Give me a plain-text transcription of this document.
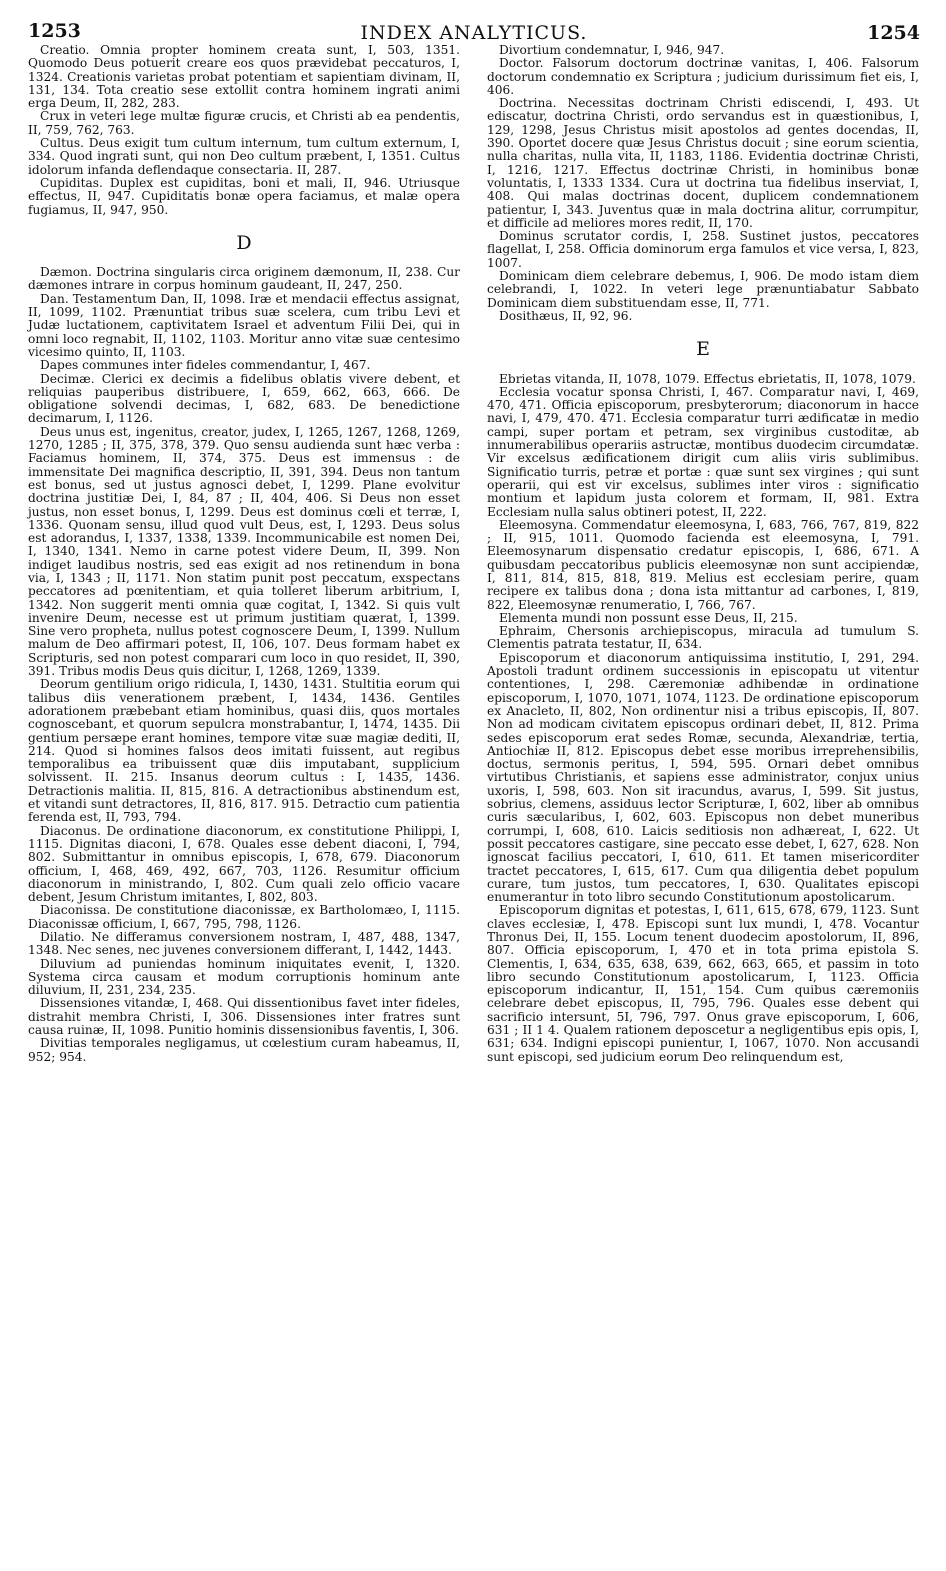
1253	INDEX ANALYTICUS.	1254

Creatio. Omnia propter hominem creata sunt, I, 503, 1351. Quomodo Deus potuerit creare eos quos prævidebat peccaturos, I, 1324. Creationis varietas probat potentiam et sapientiam divinam, II, 131, 134. Tota creatio sese extollit contra hominem ingrati animi erga Deum, II, 282, 283.

Crux in veteri lege multæ figuræ crucis, et Christi ab ea pendentis, II, 759, 762, 763.

Cultus. Deus exigit tum cultum internum, tum cultum externum, I, 334. Quod ingrati sunt, qui non Deo cultum præbent, I, 1351. Cultus idolorum infanda deflendaque consectaria. II, 287.

Cupiditas. Duplex est cupiditas, boni et mali, II, 946. Utriusque effectus, II, 947. Cupiditatis bonæ opera faciamus, et malæ opera fugiamus, II, 947, 950.

D

Dæmon. Doctrina singularis circa originem dæmonum, II, 238. Cur dæmones intrare in corpus hominum gaudeant, II, 247, 250.

Dan. Testamentum Dan, II, 1098. Iræ et mendacii effectus assignat, II, 1099, 1102. Prænuntiat tribus suæ scelera, cum tribu Levi et Judæ luctationem, captivitatem Israel et adventum Filii Dei, qui in omni loco regnabit, II, 1102, 1103. Moritur anno vitæ suæ centesimo vicesimo quinto, II, 1103.

Dapes communes inter fideles commendantur, I, 467.

Decimæ. Clerici ex decimis a fidelibus oblatis vivere debent, et reliquias pauperibus distribuere, I, 659, 662, 663, 666. De obligatione solvendi decimas, I, 682, 683. De benedictione decimarum, I, 1126.

Deus unus est, ingenitus, creator, judex, I, 1265, 1267, 1268, 1269, 1270, 1285 ; II, 375, 378, 379. Quo sensu audienda sunt hæc verba : Faciamus hominem, II, 374, 375. Deus est immensus : de immensitate Dei magnifica descriptio, II, 391, 394. Deus non tantum est bonus, sed ut justus agnosci debet, I, 1299. Plane evolvitur doctrina justitiæ Dei, I, 84, 87 ; II, 404, 406. Si Deus non esset justus, non esset bonus, I, 1299. Deus est dominus cœli et terræ, I, 1336. Quonam sensu, illud quod vult Deus, est, I, 1293. Deus solus est adorandus, I, 1337, 1338, 1339. Incommunicabile est nomen Dei, I, 1340, 1341. Nemo in carne potest videre Deum, II, 399. Non indiget laudibus nostris, sed eas exigit ad nos retinendum in bona via, I, 1343 ; II, 1171. Non statim punit post peccatum, exspectans peccatores ad pœnitentiam, et quia tolleret liberum arbitrium, I, 1342. Non suggerit menti omnia quæ cogitat, I, 1342. Si quis vult invenire Deum, necesse est ut primum justitiam quærat, I, 1399. Sine vero propheta, nullus potest cognoscere Deum, I, 1399. Nullum malum de Deo affirmari potest, II, 106, 107. Deus formam habet ex Scripturis, sed non potest comparari cum loco in quo residet, II, 390, 391. Tribus modis Deus quis dicitur, I, 1268, 1269, 1339.

Deorum gentilium origo ridicula, I, 1430, 1431. Stultitia eorum qui talibus diis venerationem præbent, I, 1434, 1436. Gentiles adorationem præbebant etiam hominibus, quasi diis, quos mortales cognoscebant, et quorum sepulcra monstrabantur, I, 1474, 1435. Dii gentium persæpe erant homines, tempore vitæ suæ magiæ dediti, II, 214. Quod si homines falsos deos imitati fuissent, aut regibus temporalibus ea tribuissent quæ diis imputabant, supplicium solvissent. II. 215. Insanus deorum cultus : I, 1435, 1436. Detractionis malitia. II, 815, 816. A detractionibus abstinendum est, et vitandi sunt detractores, II, 816, 817. 915. Detractio cum patientia ferenda est, II, 793, 794.

Diaconus. De ordinatione diaconorum, ex constitutione Philippi, I, 1115. Dignitas diaconi, I, 678. Quales esse debent diaconi, I, 794, 802. Submittantur in omnibus episcopis, I, 678, 679. Diaconorum officium, I, 468, 469, 492, 667, 703, 1126. Resumitur officium diaconorum in ministrando, I, 802. Cum quali zelo officio vacare debent, Jesum Christum imitantes, I, 802, 803.

Diaconissa. De constitutione diaconissæ, ex Bartholomæo, I, 1115. Diaconissæ officium, I, 667, 795, 798, 1126.

Dilatio. Ne differamus conversionem nostram, I, 487, 488, 1347, 1348. Nec senes, nec juvenes conversionem differant, I, 1442, 1443.

Diluvium ad puniendas hominum iniquitates evenit, I, 1320. Systema circa causam et modum corruptionis hominum ante diluvium, II, 231, 234, 235.

Dissensiones vitandæ, I, 468. Qui dissentionibus favet inter fideles, distrahit membra Christi, I, 306. Dissensiones inter fratres sunt causa ruinæ, II, 1098. Punitio hominis dissensionibus faventis, I, 306.

Divitias temporales negligamus, ut cœlestium curam habeamus, II, 952; 954.

Divortium condemnatur, I, 946, 947.

Doctor. Falsorum doctorum doctrinæ vanitas, I, 406. Falsorum doctorum condemnatio ex Scriptura ; judicium durissimum fiet eis, I, 406.

Doctrina. Necessitas doctrinam Christi ediscendi, I, 493. Ut ediscatur, doctrina Christi, ordo servandus est in quæstionibus, I, 129, 1298, Jesus Christus misit apostolos ad gentes docendas, II, 390. Oportet docere quæ Jesus Christus docuit ; sine eorum scientia, nulla charitas, nulla vita, II, 1183, 1186. Evidentia doctrinæ Christi, I, 1216, 1217. Effectus doctrinæ Christi, in hominibus bonæ voluntatis, I, 1333 1334. Cura ut doctrina tua fidelibus inserviat, I, 408. Qui malas doctrinas docent, duplicem condemnationem patientur, I, 343. Juventus quæ in mala doctrina alitur, corrumpitur, et difficile ad meliores mores redit, II, 170.

Dominus scrutator cordis, I, 258. Sustinet justos, peccatores flagellat, I, 258. Officia dominorum erga famulos et vice versa, I, 823, 1007.

Dominicam diem celebrare debemus, I, 906. De modo istam diem celebrandi, I, 1022. In veteri lege prænuntiabatur Sabbato Dominicam diem substituendam esse, II, 771.

Dosithæus, II, 92, 96.

E

Ebrietas vitanda, II, 1078, 1079. Effectus ebrietatis, II, 1078, 1079.

Ecclesia vocatur sponsa Christi, I, 467. Comparatur navi, I, 469, 470, 471. Officia episcoporum, presbyterorum; diaconorum in hacce navi, I, 479, 470. 471. Ecclesia comparatur turri ædificatæ in medio campi, super portam et petram, sex virginibus custoditæ, ab innumerabilibus operariis astructæ, montibus duodecim circumdatæ. Vir excelsus ædificationem dirigit cum aliis viris sublimibus. Significatio turris, petræ et portæ : quæ sunt sex virgines ; qui sunt operarii, qui est vir excelsus, sublimes inter viros : significatio montium et lapidum justa colorem et formam, II, 981. Extra Ecclesiam nulla salus obtineri potest, II, 222.

Eleemosyna. Commendatur eleemosyna, I, 683, 766, 767, 819, 822 ; II, 915, 1011. Quomodo facienda est eleemosyna, I, 791. Eleemosynarum dispensatio credatur episcopis, I, 686, 671. A quibusdam peccatoribus publicis eleemosynæ non sunt accipiendæ, I, 811, 814, 815, 818, 819. Melius est ecclesiam perire, quam recipere ex talibus dona ; dona ista mittantur ad carbones, I, 819, 822, Eleemosynæ renumeratio, I, 766, 767.

Elementa mundi non possunt esse Deus, II, 215.

Ephraim, Chersonis archiepiscopus, miracula ad tumulum S. Clementis patrata testatur, II, 634.

Episcoporum et diaconorum antiquissima institutio, I, 291, 294. Apostoli tradunt ordinem successionis in episcopatu ut vitentur contentiones, I, 298. Cæremoniæ adhibendæ in ordinatione episcoporum, I, 1070, 1071, 1074, 1123. De ordinatione episcoporum ex Anacleto, II, 802, Non ordinentur nisi a tribus episcopis, II, 807. Non ad modicam civitatem episcopus ordinari debet, II, 812. Prima sedes episcoporum erat sedes Romæ, secunda, Alexandriæ, tertia, Antiochiæ II, 812. Episcopus debet esse moribus irreprehensibilis, doctus, sermonis peritus, I, 594, 595. Ornari debet omnibus virtutibus Christianis, et sapiens esse administrator, conjux unius uxoris, I, 598, 603. Non sit iracundus, avarus, I, 599. Sit justus, sobrius, clemens, assiduus lector Scripturæ, I, 602, liber ab omnibus curis sæcularibus, I, 602, 603. Episcopus non debet muneribus corrumpi, I, 608, 610. Laicis seditiosis non adhæreat, I, 622. Ut possit peccatores castigare, sine peccato esse debet, I, 627, 628. Non ignoscat facilius peccatori, I, 610, 611. Et tamen misericorditer tractet peccatores, I, 615, 617. Cum qua diligentia debet populum curare, tum justos, tum peccatores, I, 630. Qualitates episcopi enumerantur in toto libro secundo Constitutionum apostolicarum.

Episcoporum dignitas et potestas, I, 611, 615, 678, 679, 1123. Sunt claves ecclesiæ, I, 478. Episcopi sunt lux mundi, I, 478. Vocantur Thronus Dei, II, 155. Locum tenent duodecim apostolorum, II, 896, 807. Officia episcoporum, I, 470 et in tota prima epistola S. Clementis, I, 634, 635, 638, 639, 662, 663, 665, et passim in toto libro secundo Constitutionum apostolicarum, I, 1123. Officia episcoporum indicantur, II, 151, 154. Cum quibus cæremoniis celebrare debet episcopus, II, 795, 796. Quales esse debent qui sacrificio intersunt, 5I, 796, 797. Onus grave episcoporum, I, 606, 631 ; II 1 4. Qualem rationem deposcetur a negligentibus epis opis, I, 631; 634. Indigni episcopi punientur, I, 1067, 1070. Non accusandi sunt episcopi, sed judicium eorum Deo relinquendum est,
